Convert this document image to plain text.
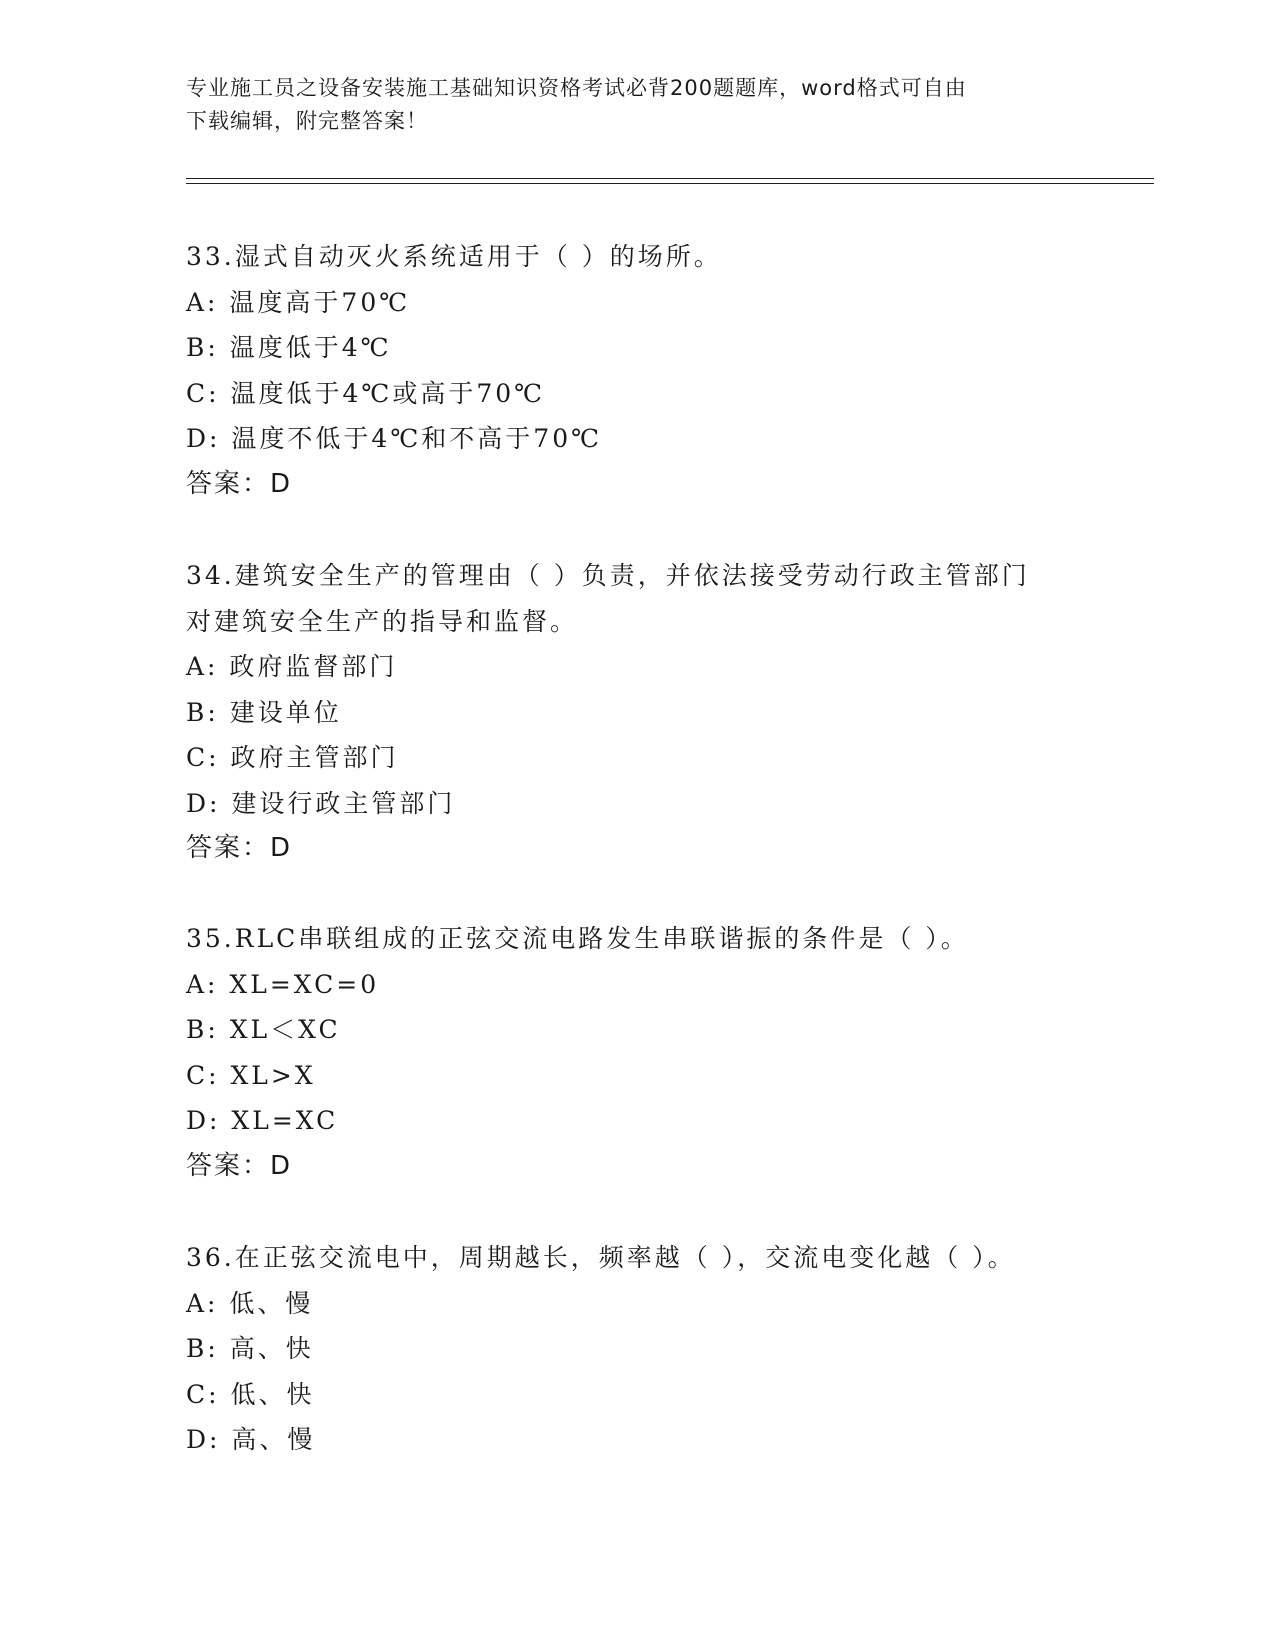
专业施工员之设备安装施工基础知识资格考试必背200题题库，word格式可自由
下载编辑，附完整答案！
33.湿式自动灭火系统适用于（ ）的场所。
A: 温度高于70℃
B: 温度低于4℃
C: 温度低于4℃或高于70℃
D: 温度不低于4℃和不高于70℃
答案：D
34.建筑安全生产的管理由（ ）负责，并依法接受劳动行政主管部门
对建筑安全生产的指导和监督。
A: 政府监督部门
B: 建设单位
C: 政府主管部门
D: 建设行政主管部门
答案：D
35.RLC串联组成的正弦交流电路发生串联谐振的条件是（ ）。
A: XL=XC=0
B: XL＜XC
C: XL>X
D: XL=XC
答案：D
36.在正弦交流电中，周期越长，频率越（ ），交流电变化越（ ）。
A: 低、慢
B: 高、快
C: 低、快
D: 高、慢
